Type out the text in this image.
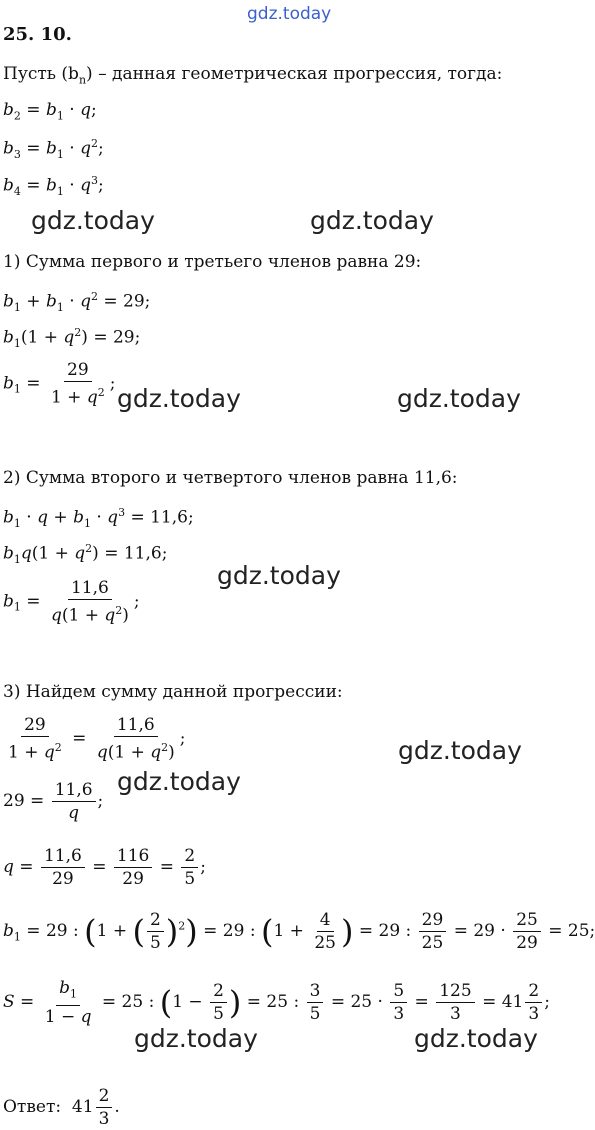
gdz.today
25. 10.
Пусть $(b_n)$ – данная геометрическая прогрессия, тогда:
$b_2 = b_1 \cdot q$;
$b_3 = b_1 \cdot q^2$;
$b_4 = b_1 \cdot q^3$;
gdz.today	gdz.today
1) Сумма первого и третьего членов равна 29:
$b_1 + b_1 \cdot q^2 = 29$;
$b_1(1 + q^2) = 29$;
$b_1 = \frac{29}{1 + q^2}$ ;
gdz.today	gdz.today
2) Сумма второго и четвертого членов равна 11,6:
$b_1 \cdot q + b_1 \cdot q^3 = 11,6$;
$b_1q(1 + q^2) = 11,6$;
gdz.today
$b_1 = \frac{11,6}{q(1 + q^2)}$ ;
3) Найдем сумму данной прогрессии:
$\frac{29}{1 + q^2} = \frac{11,6}{q(1 + q^2)}$ ;	gdz.today
gdz.today
$29 = \frac{11,6}{q}$ ;
$q = \frac{11,6}{29} = \frac{116}{29} = \frac{2}{5}$ ;
$b_1 = 29$ : (1 + ( $\frac{2}{5} )^2) = 29$ : ($1 + \frac{4}{25}$ ) = 29 : $\frac{29}{25} = 29 \cdot \frac{25}{29} = 25$;
$S = \frac{b_1}{1 - q} = 25$ : ($1 - \frac{2}{5}$ ) = 25 : $\frac{3}{5} = 25 \cdot \frac{5}{3} = \frac{125}{3} = 41 \frac{2}{3}$ ;
gdz.today	gdz.today
Ответ: $41 \frac{2}{3}$ .
